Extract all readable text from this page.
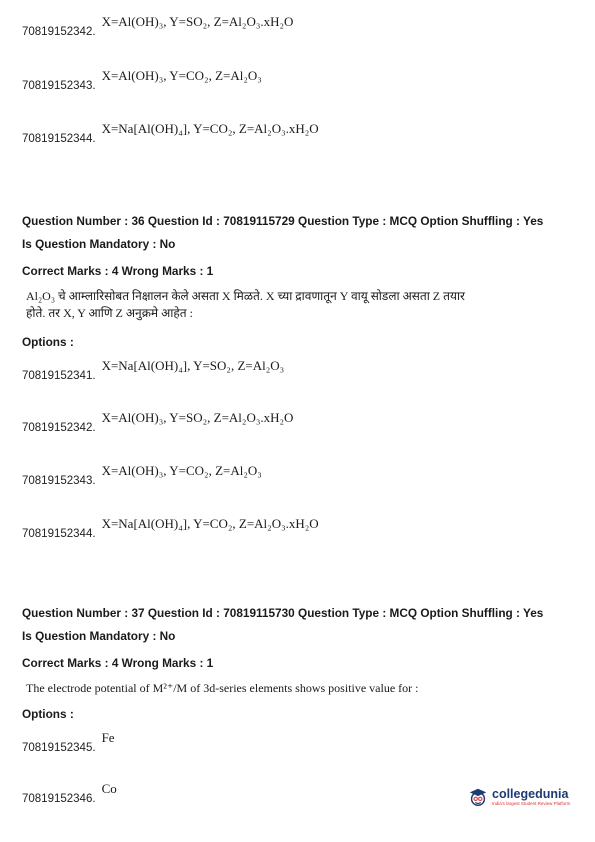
70819152342.
X=Al(OH)₃, Y=SO₂, Z=Al₂O₃.xH₂O
70819152343.
X=Al(OH)₃, Y=CO₂, Z=Al₂O₃
70819152344.
X=Na[Al(OH)₄], Y=CO₂, Z=Al₂O₃.xH₂O
Question Number : 36 Question Id : 70819115729 Question Type : MCQ Option Shuffling : Yes
Is Question Mandatory : No
Correct Marks : 4 Wrong Marks : 1
Al₂O₃ चे आम्लारिसोबत निक्षालन केले असता X मिळते. X च्या द्रावणातून Y वायू सोडला असता Z तयार होते. तर X, Y आणि Z अनुक्रमे आहेत :
Options :
70819152341.
X=Na[Al(OH)₄], Y=SO₂, Z=Al₂O₃
70819152342.
X=Al(OH)₃, Y=SO₂, Z=Al₂O₃.xH₂O
70819152343.
X=Al(OH)₃, Y=CO₂, Z=Al₂O₃
70819152344.
X=Na[Al(OH)₄], Y=CO₂, Z=Al₂O₃.xH₂O
Question Number : 37 Question Id : 70819115730 Question Type : MCQ Option Shuffling : Yes
Is Question Mandatory : No
Correct Marks : 4 Wrong Marks : 1
The electrode potential of M²⁺/M of 3d-series elements shows positive value for :
Options :
70819152345.
Fe
70819152346.
Co	collegedunia
India's largest Student Review Platform
